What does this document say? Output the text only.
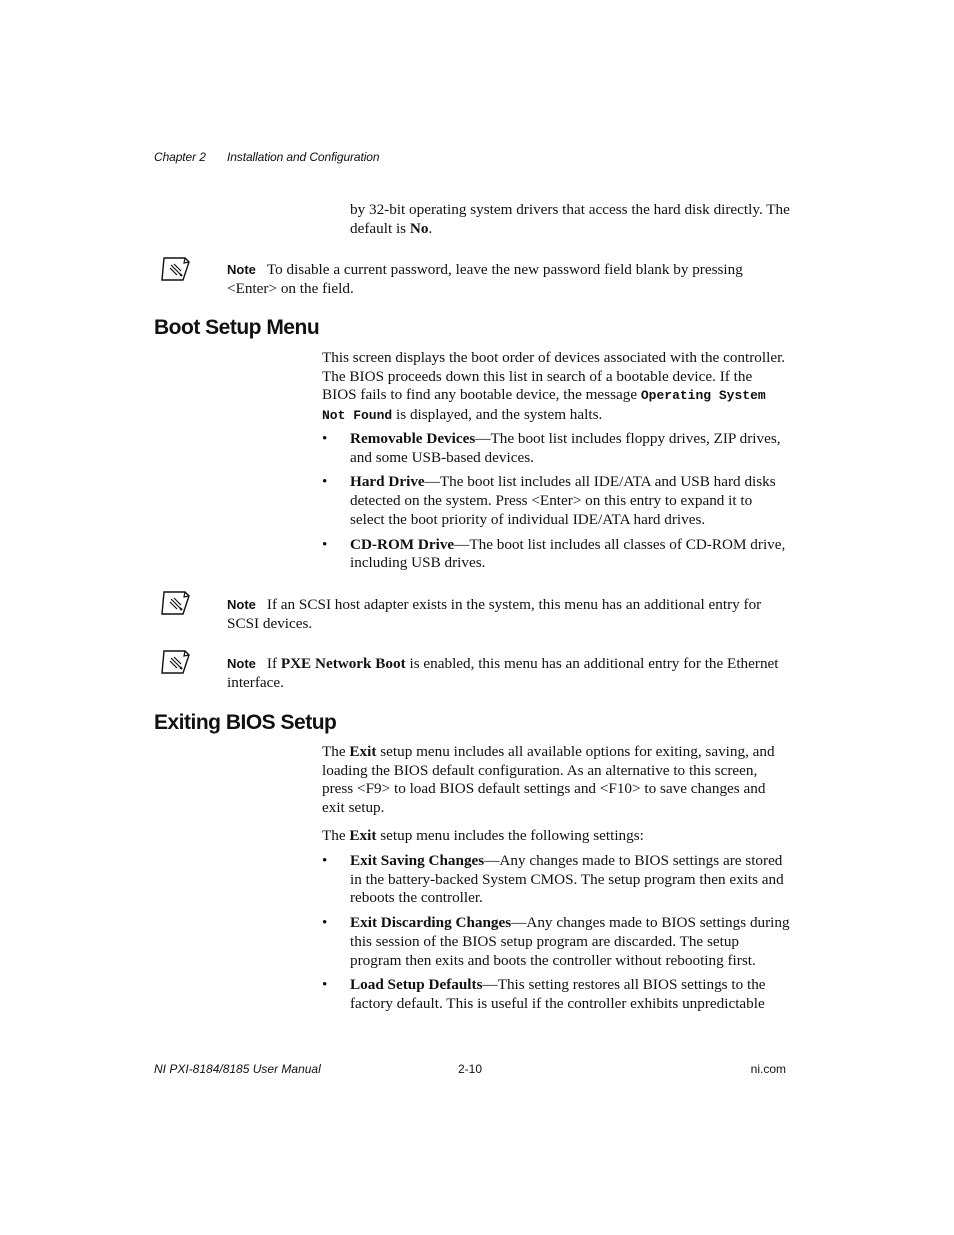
Chapter 2 Installation and Configuration
by 32-bit operating system drivers that access the hard disk directly. The default is No.
Note To disable a current password, leave the new password field blank by pressing <Enter> on the field.
Boot Setup Menu
This screen displays the boot order of devices associated with the controller. The BIOS proceeds down this list in search of a bootable device. If the BIOS fails to find any bootable device, the message Operating System Not Found is displayed, and the system halts.
• Removable Devices—The boot list includes floppy drives, ZIP drives, and some USB-based devices.
• Hard Drive—The boot list includes all IDE/ATA and USB hard disks detected on the system. Press <Enter> on this entry to expand it to select the boot priority of individual IDE/ATA hard drives.
• CD-ROM Drive—The boot list includes all classes of CD-ROM drive, including USB drives.
Note If an SCSI host adapter exists in the system, this menu has an additional entry for SCSI devices.
Note If PXE Network Boot is enabled, this menu has an additional entry for the Ethernet interface.
Exiting BIOS Setup
The Exit setup menu includes all available options for exiting, saving, and loading the BIOS default configuration. As an alternative to this screen, press <F9> to load BIOS default settings and <F10> to save changes and exit setup.
The Exit setup menu includes the following settings:
• Exit Saving Changes—Any changes made to BIOS settings are stored in the battery-backed System CMOS. The setup program then exits and reboots the controller.
• Exit Discarding Changes—Any changes made to BIOS settings during this session of the BIOS setup program are discarded. The setup program then exits and boots the controller without rebooting first.
• Load Setup Defaults—This setting restores all BIOS settings to the factory default. This is useful if the controller exhibits unpredictable
NI PXI-8184/8185 User Manual	2-10	ni.com
